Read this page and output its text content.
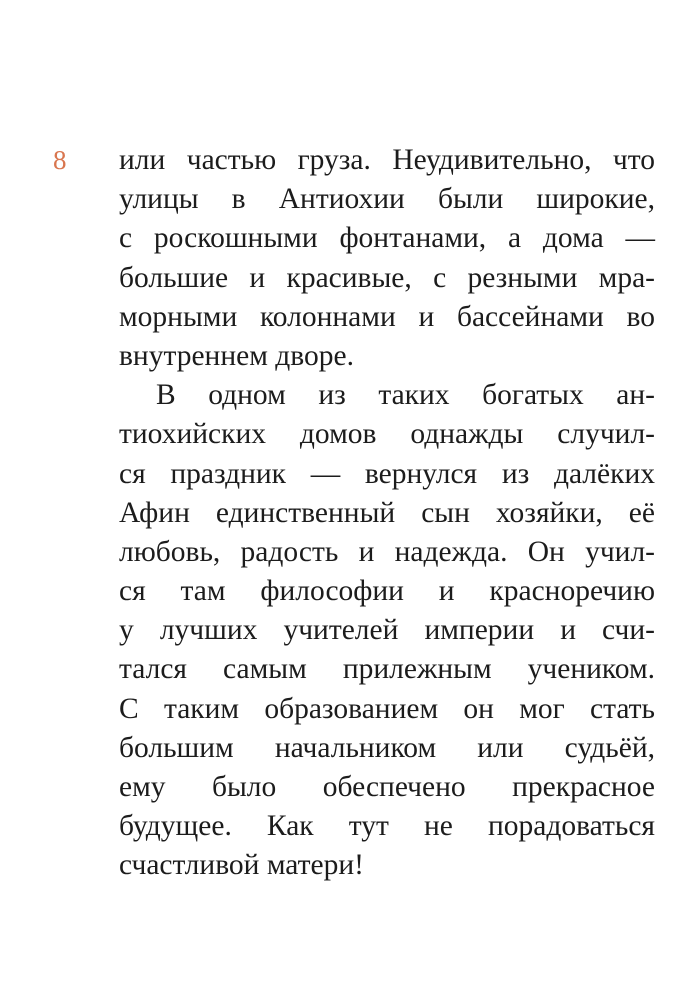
8 или частью груза. Неудивительно, что
улицы в Антиохии были широкие,
с роскошными фонтанами, а дома —
большие и красивые, с резными мра-
морными колоннами и бассейнами во
внутреннем дворе.
В одном из таких богатых ан-
тиохийских домов однажды случил-
ся праздник — вернулся из далёких
Афин единственный сын хозяйки, её
любовь, радость и надежда. Он учил-
ся там философии и красноречию
у лучших учителей империи и счи-
тался самым прилежным учеником.
С таким образованием он мог стать
большим начальником или судьёй,
ему было обеспечено прекрасное
будущее. Как тут не порадоваться
счастливой матери!
